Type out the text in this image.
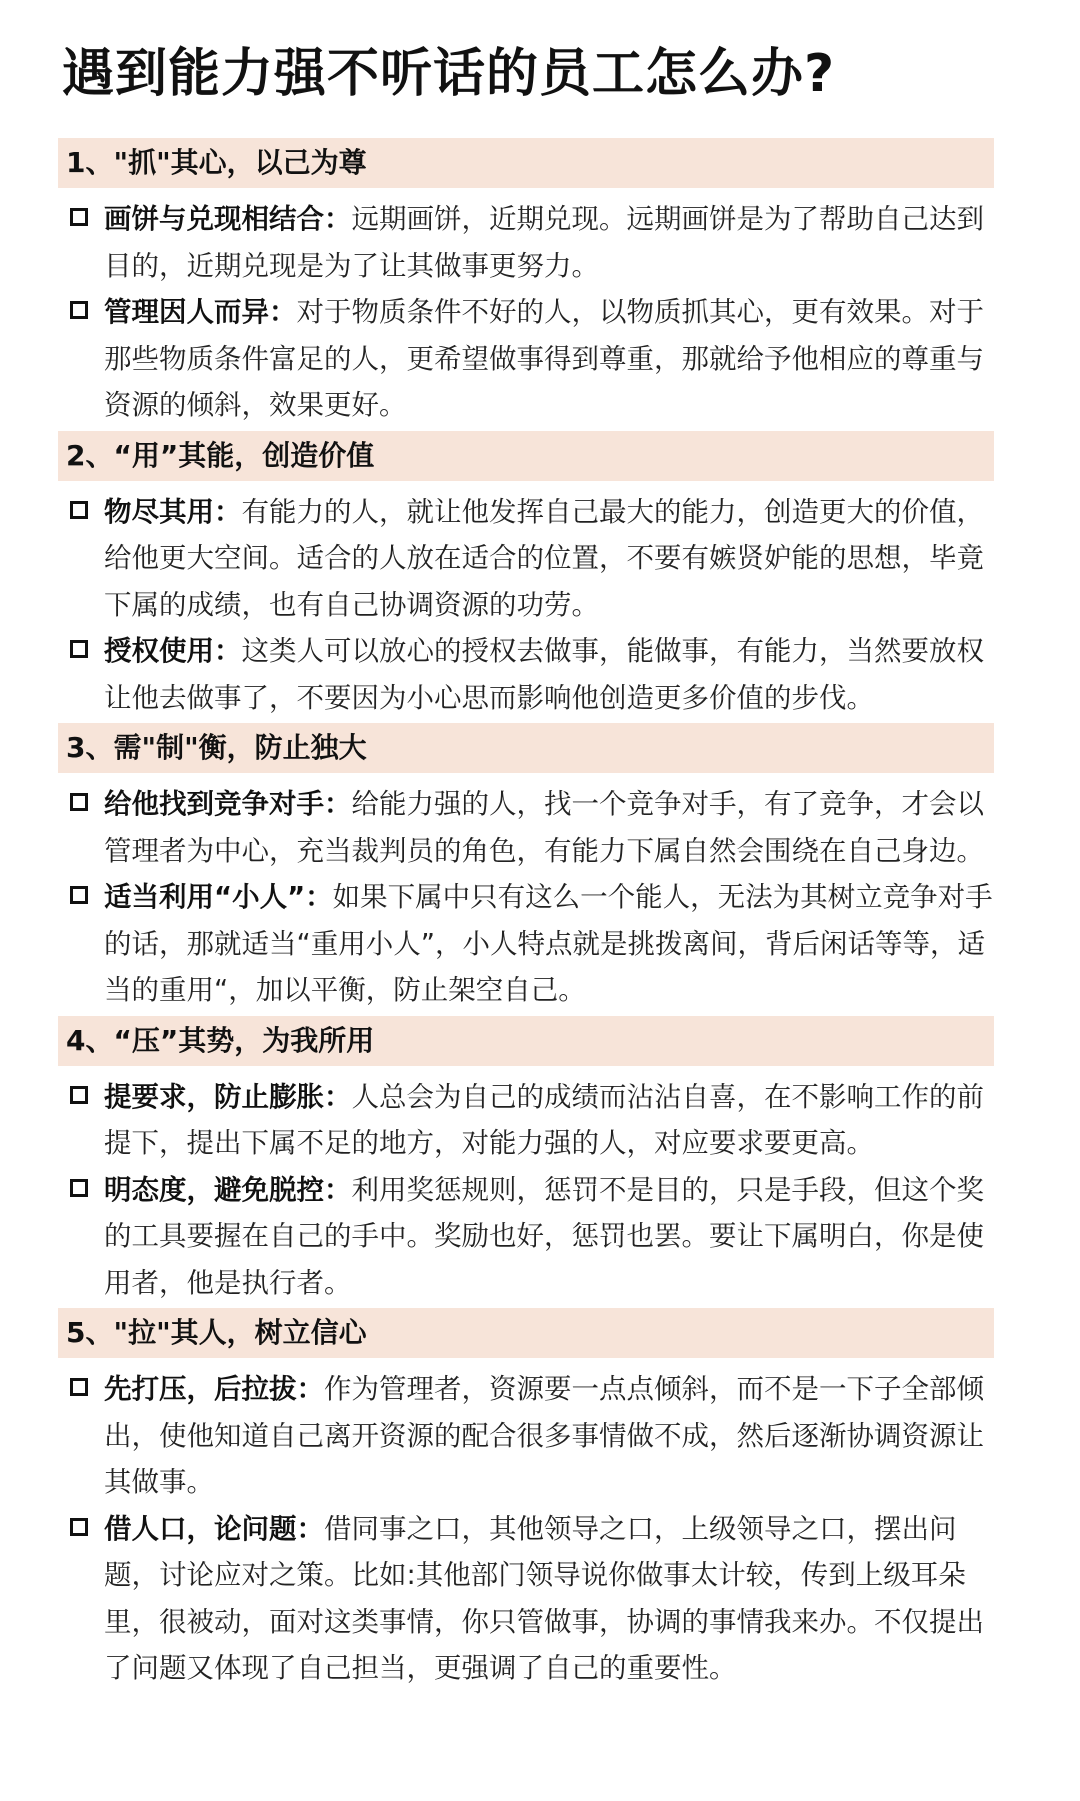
遇到能力强不听话的员工怎么办?
1、"抓"其心，以己为尊
画饼与兑现相结合：远期画饼，近期兑现。远期画饼是为了帮助自己达到目的，近期兑现是为了让其做事更努力。
管理因人而异：对于物质条件不好的人，以物质抓其心，更有效果。对于那些物质条件富足的人，更希望做事得到尊重，那就给予他相应的尊重与资源的倾斜，效果更好。
2、“用”其能，创造价值
物尽其用：有能力的人，就让他发挥自己最大的能力，创造更大的价值，给他更大空间。适合的人放在适合的位置，不要有嫉贤妒能的思想，毕竟下属的成绩，也有自己协调资源的功劳。
授权使用：这类人可以放心的授权去做事，能做事，有能力，当然要放权让他去做事了，不要因为小心思而影响他创造更多价值的步伐。
3、需"制"衡，防止独大
给他找到竞争对手：给能力强的人，找一个竞争对手，有了竞争，才会以管理者为中心，充当裁判员的角色，有能力下属自然会围绕在自己身边。
适当利用“小人”：如果下属中只有这么一个能人，无法为其树立竞争对手的话，那就适当“重用小人”，小人特点就是挑拨离间，背后闲话等等，适当的重用“，加以平衡，防止架空自己。
4、“压”其势，为我所用
提要求，防止膨胀：人总会为自己的成绩而沾沾自喜，在不影响工作的前提下，提出下属不足的地方，对能力强的人，对应要求要更高。
明态度，避免脱控：利用奖惩规则，惩罚不是目的，只是手段，但这个奖的工具要握在自己的手中。奖励也好，惩罚也罢。要让下属明白，你是使用者，他是执行者。
5、"拉"其人，树立信心
先打压，后拉拔：作为管理者，资源要一点点倾斜，而不是一下子全部倾出，使他知道自己离开资源的配合很多事情做不成，然后逐渐协调资源让其做事。
借人口，论问题：借同事之口，其他领导之口，上级领导之口，摆出问题，讨论应对之策。比如:其他部门领导说你做事太计较，传到上级耳朵里，很被动，面对这类事情，你只管做事，协调的事情我来办。不仅提出了问题又体现了自己担当，更强调了自己的重要性。
